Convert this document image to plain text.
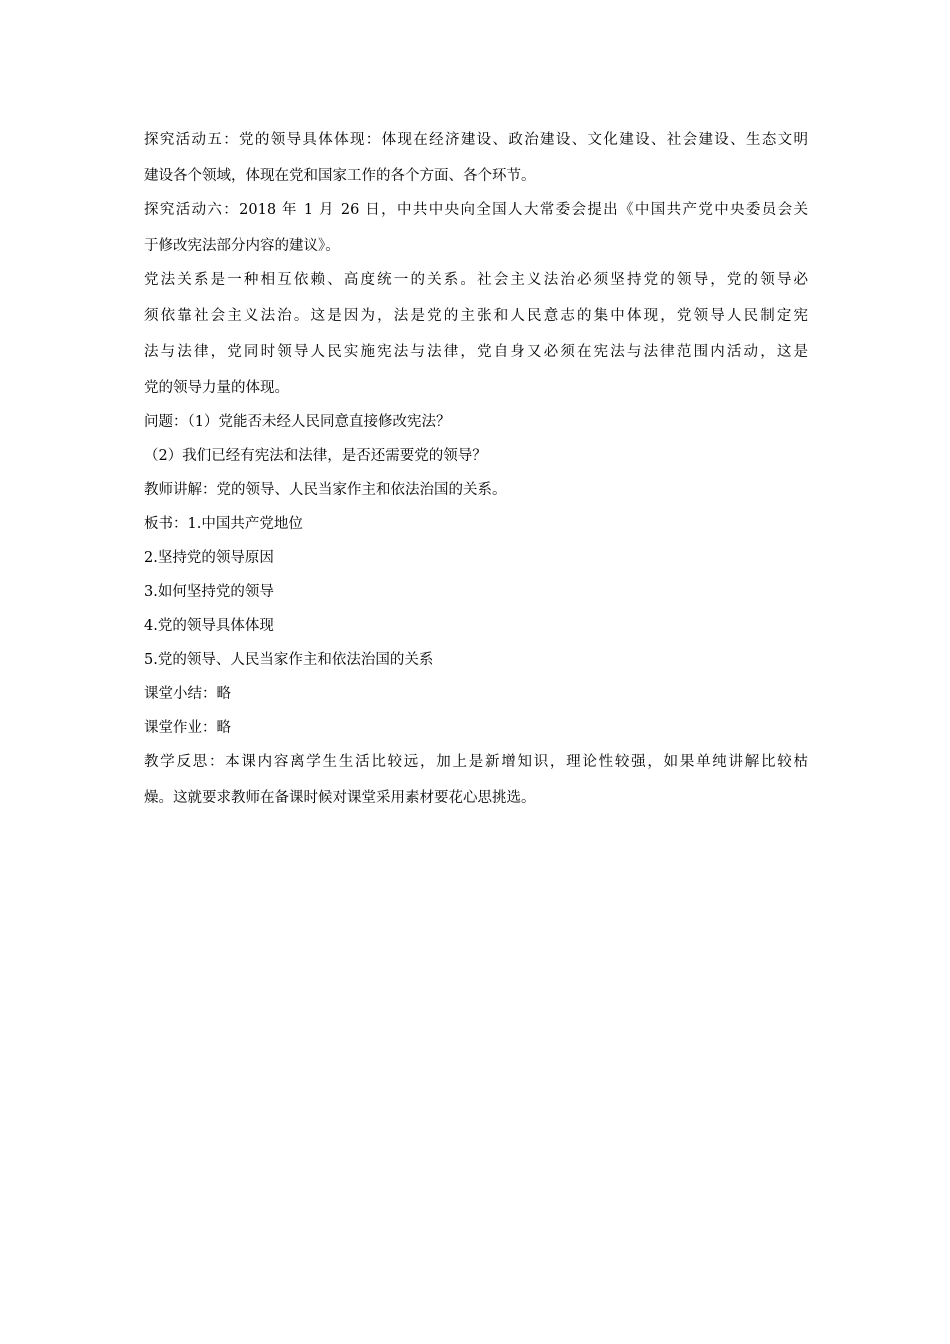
探究活动五：党的领导具体体现：体现在经济建设、政治建设、文化建设、社会建设、生态文明
建设各个领域，体现在党和国家工作的各个方面、各个环节。
探究活动六：2018 年 1 月 26 日，中共中央向全国人大常委会提出《中国共产党中央委员会关
于修改宪法部分内容的建议》。
党法关系是一种相互依赖、高度统一的关系。社会主义法治必须坚持党的领导，党的领导必
须依靠社会主义法治。这是因为，法是党的主张和人民意志的集中体现，党领导人民制定宪
法与法律，党同时领导人民实施宪法与法律，党自身又必须在宪法与法律范围内活动，这是
党的领导力量的体现。
问题：（1）党能否未经人民同意直接修改宪法？
（2）我们已经有宪法和法律，是否还需要党的领导？
教师讲解：党的领导、人民当家作主和依法治国的关系。
板书：1.中国共产党地位
2.坚持党的领导原因
3.如何坚持党的领导
4.党的领导具体体现
5.党的领导、人民当家作主和依法治国的关系
课堂小结：略
课堂作业：略
教学反思：本课内容离学生生活比较远，加上是新增知识，理论性较强，如果单纯讲解比较枯
燥。这就要求教师在备课时候对课堂采用素材要花心思挑选。
